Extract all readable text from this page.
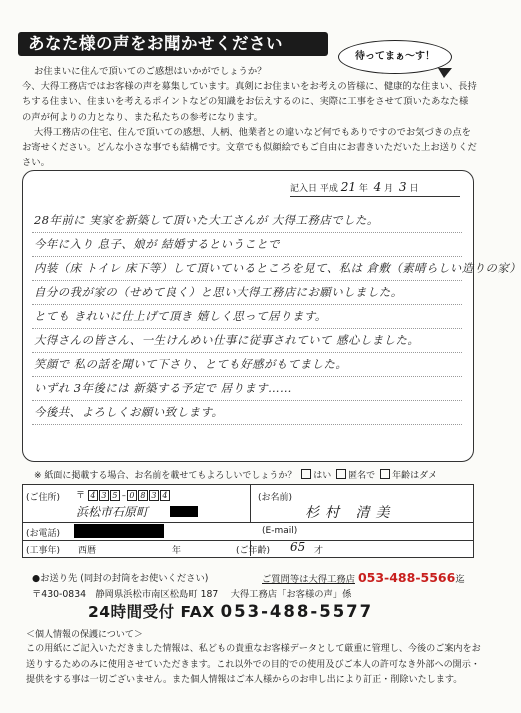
あなた様の声をお聞かせください
待ってまぁ～す！

お住まいに住んで頂いてのご感想はいかがでしょうか？

今、大得工務店ではお客様の声を募集しています。真剣にお住まいをお考えの皆様に、健康的な住まい、長持ちする住まい、住まいを考えるポイントなどの知識をお伝えするのに、実際に工事をさせて頂いたあなた様の声が何よりの力となり、また私たちの参考になります。

大得工務店の住宅、住んで頂いての感想、人柄、他業者との違いなど何でもありですのでお気づきの点をお寄せください。どんな小さな事でも結構です。文章でも似顔絵でもご自由にお書きいただいた上お送りください。

記入日 平成 21 年 4 月 3 日
28年前に 実家を新築して頂いた大工さんが 大得工務店でした。
今年に入り 息子、娘が 結婚するということで
内装（床 トイレ 床下等）して頂いているところを見て、私は 倉敷（素晴らしい造りの家）
自分の我が家の（せめて良く）と思い大得工務店にお願いしました。
とても きれいに仕上げて頂き 嬉しく思って居ります。
大得さんの皆さん、一生けんめい仕事に従事されていて 感心しました。
笑顔で 私の話を聞いて下さり、とても好感がもてました。
いずれ 3年後には 新築する予定で 居ります……
今後共、よろしくお願い致します。
※ 紙面に掲載する場合、お名前を載せてもよろしいでしょうか？ はい 匿名で 年齢はダメ
(ご住所) 〒 4 3 5 – 0 8 3 4
浜松市石原町
(お名前)
杉村 清美
(お電話)	(E-mail)
(工事年) 西暦	年	(ご年齢) 65 才
●お送り先 (同封の封筒をお使いください)
〒430-0834　静岡県浜松市南区松島町 187　 大得工務店「お客様の声」係
ご質問等は大得工務店 053-488-5566迄
24時間受付 FAX 053-488-5577
＜個人情報の保護について＞
この用紙にご記入いただきました情報は、私どもの貴重なお客様データとして厳重に管理し、今後のご案内をお送りするためのみに使用させていただきます。これ以外での目的での使用及びご本人の許可なき外部への開示・提供をする事は一切ございません。また個人情報はご本人様からのお申し出により訂正・削除いたします。
